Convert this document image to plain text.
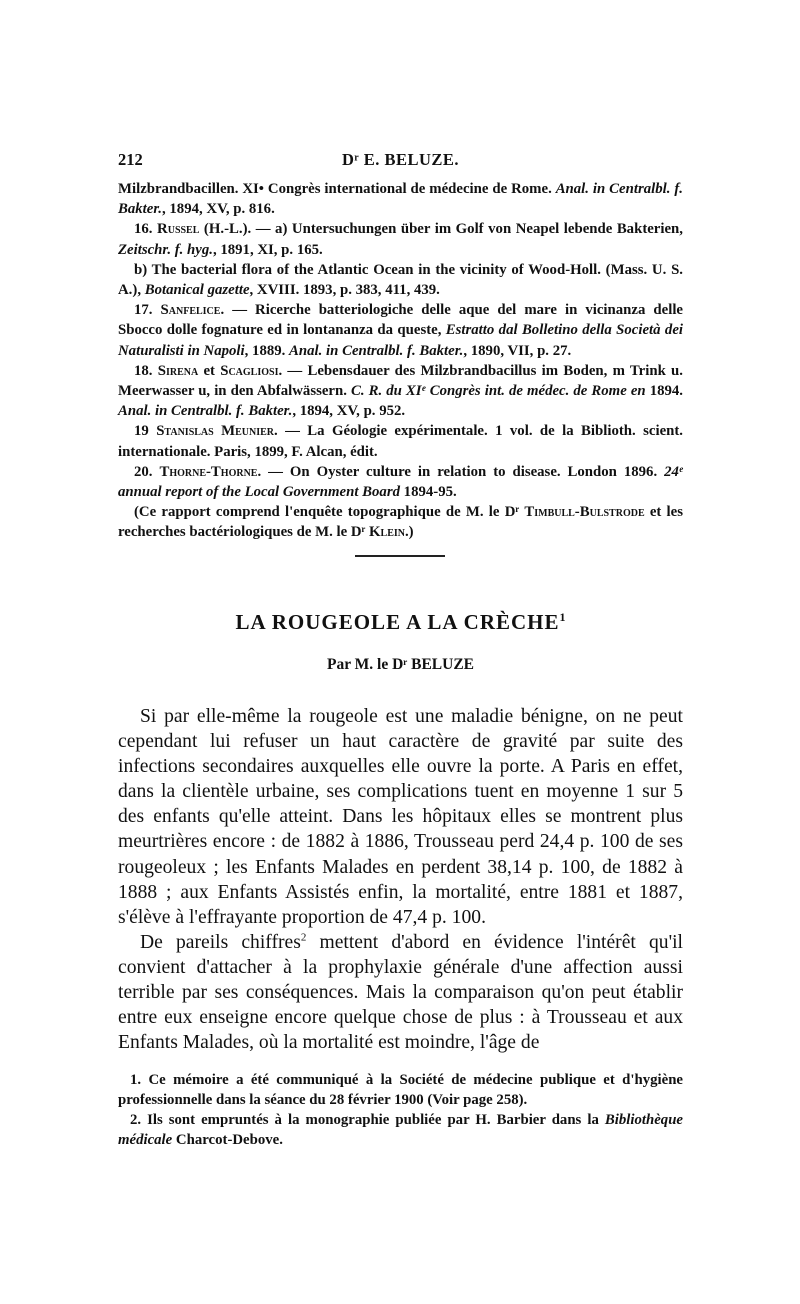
212	Dʳ E. BELUZE.

Milzbrandbacillen. XI• Congrès international de médecine de Rome. Anal. in Centralbl. f. Bakter., 1894, XV, p. 816.

16. Russel (H.-L.). — a) Untersuchungen über im Golf von Neapel lebende Bakterien, Zeitschr. f. hyg., 1891, XI, p. 165.

b) The bacterial flora of the Atlantic Ocean in the vicinity of Wood-Holl. (Mass. U. S. A.), Botanical gazette, XVIII. 1893, p. 383, 411, 439.

17. Sanfelice. — Ricerche batteriologiche delle aque del mare in vicinanza delle Sbocco dolle fognature ed in lontananza da queste, Estratto dal Bolletino della Società dei Naturalisti in Napoli, 1889. Anal. in Centralbl. f. Bakter., 1890, VII, p. 27.

18. Sirena et Scagliosi. — Lebensdauer des Milzbrandbacillus im Boden, m Trink u. Meerwasser u, in den Abfalwässern. C. R. du XIᵉ Congrès int. de médec. de Rome en 1894. Anal. in Centralbl. f. Bakter., 1894, XV, p. 952.

19 Stanislas Meunier. — La Géologie expérimentale. 1 vol. de la Biblioth. scient. internationale. Paris, 1899, F. Alcan, édit.

20. Thorne-Thorne. — On Oyster culture in relation to disease. London 1896. 24ᵉ annual report of the Local Government Board 1894-95.

(Ce rapport comprend l'enquête topographique de M. le Dʳ Timbull-Bulstrode et les recherches bactériologiques de M. le Dʳ Klein.)

LA ROUGEOLE A LA CRÈCHE$^1$
Par M. le Dʳ BELUZE

Si par elle-même la rougeole est une maladie bénigne, on ne peut cependant lui refuser un haut caractère de gravité par suite des infections secondaires auxquelles elle ouvre la porte. A Paris en effet, dans la clientèle urbaine, ses complications tuent en moyenne 1 sur 5 des enfants qu'elle atteint. Dans les hôpitaux elles se montrent plus meurtrières encore : de 1882 à 1886, Trousseau perd 24,4 p. 100 de ses rougeoleux ; les Enfants Malades en perdent 38,14 p. 100, de 1882 à 1888 ; aux Enfants Assistés enfin, la mortalité, entre 1881 et 1887, s'élève à l'effrayante proportion de 47,4 p. 100.

De pareils chiffres$^2$ mettent d'abord en évidence l'intérêt qu'il convient d'attacher à la prophylaxie générale d'une affection aussi terrible par ses conséquences. Mais la comparaison qu'on peut établir entre eux enseigne encore quelque chose de plus : à Trousseau et aux Enfants Malades, où la mortalité est moindre, l'âge de

1. Ce mémoire a été communiqué à la Société de médecine publique et d'hygiène professionnelle dans la séance du 28 février 1900 (Voir page 258).

2. Ils sont empruntés à la monographie publiée par H. Barbier dans la Bibliothèque médicale Charcot-Debove.
